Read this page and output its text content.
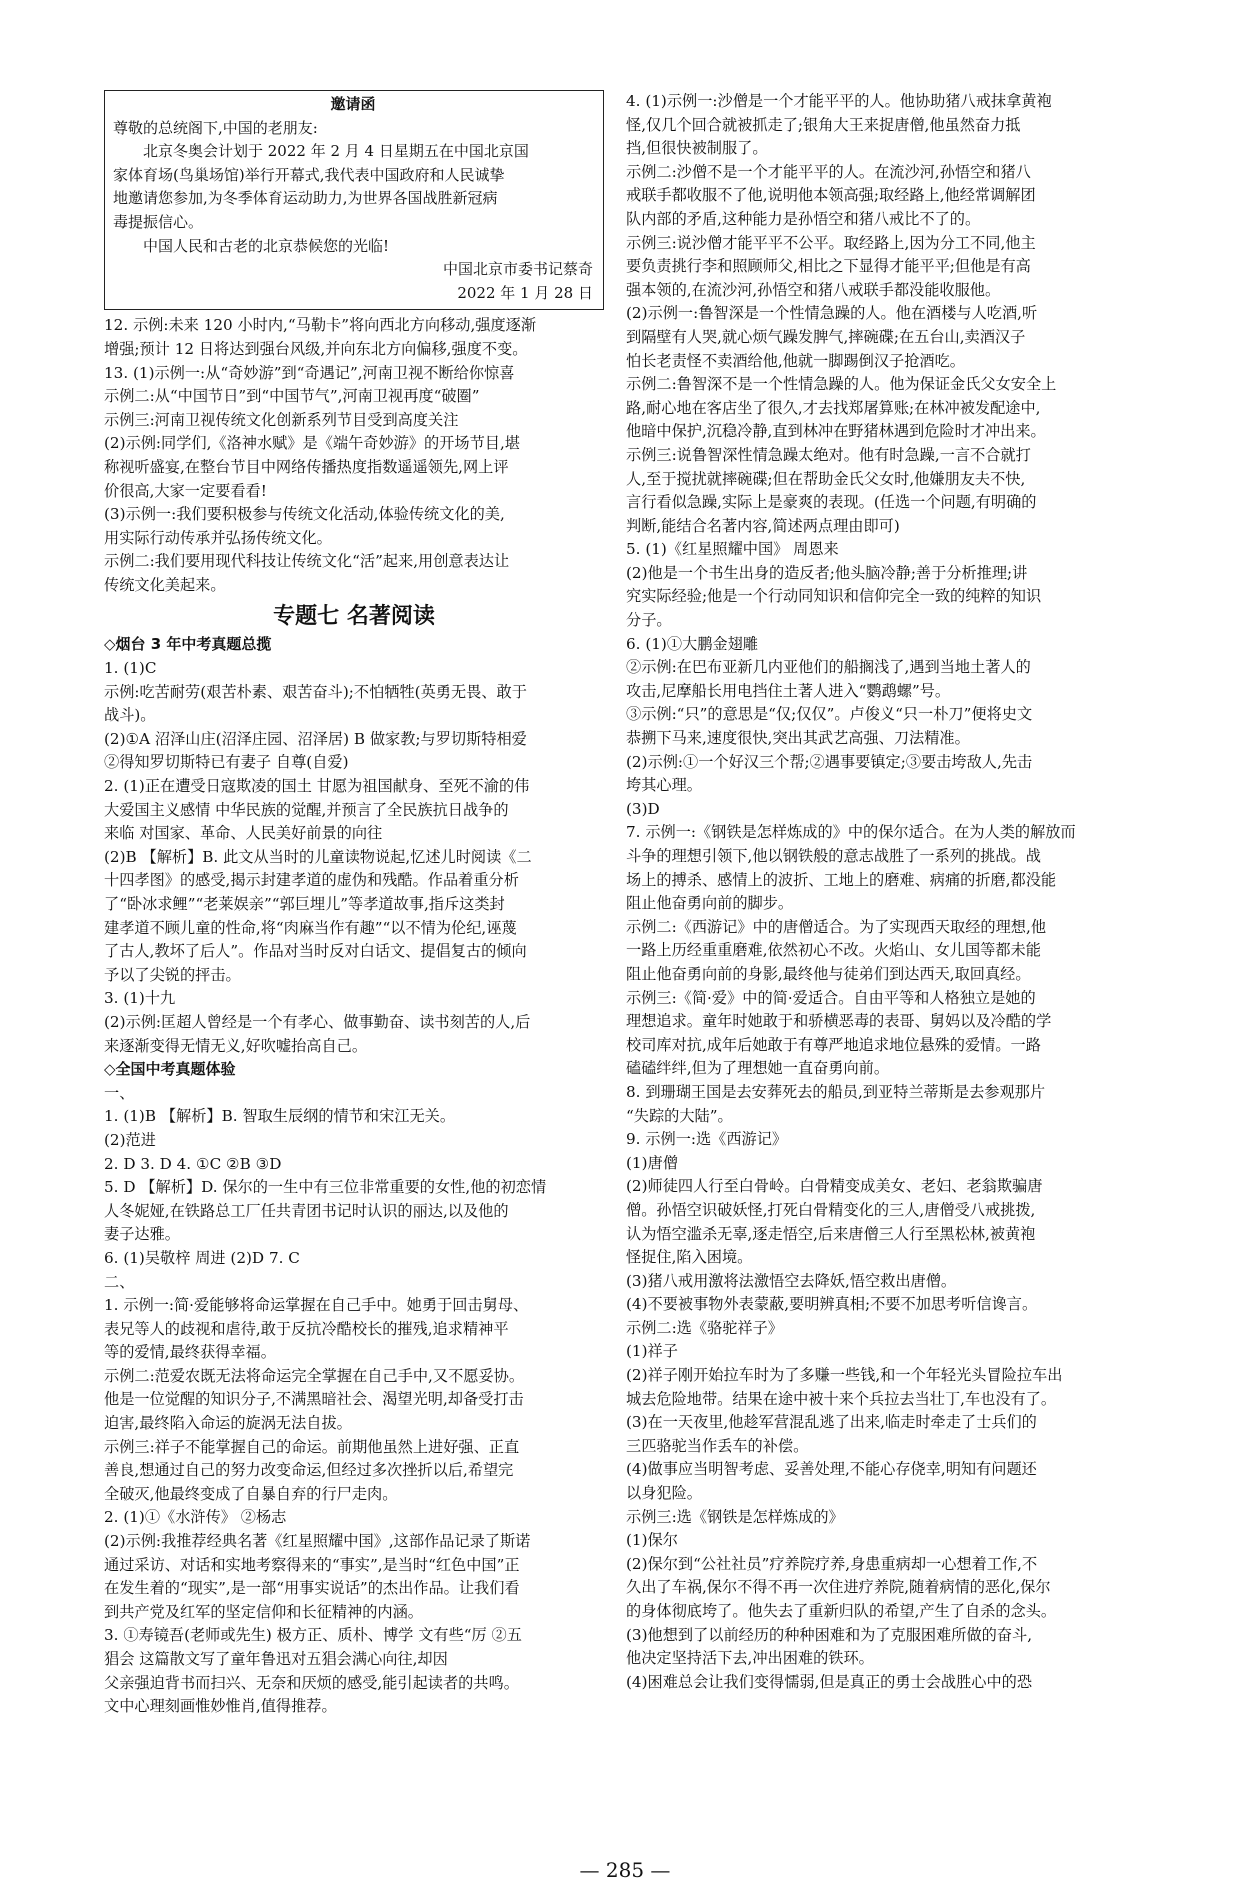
邀请函
尊敬的总统阁下,中国的老朋友:
北京冬奥会计划于 2022 年 2 月 4 日星期五在中国北京国
家体育场(鸟巢场馆)举行开幕式,我代表中国政府和人民诚挚
地邀请您参加,为冬季体育运动助力,为世界各国战胜新冠病
毒提振信心。
中国人民和古老的北京恭候您的光临!
中国北京市委书记蔡奇
2022 年 1 月 28 日
12. 示例:未来 120 小时内,“马勒卡”将向西北方向移动,强度逐渐
增强;预计 12 日将达到强台风级,并向东北方向偏移,强度不变。
13. (1)示例一:从“奇妙游”到“奇遇记”,河南卫视不断给你惊喜
示例二:从“中国节日”到“中国节气”,河南卫视再度“破圈”
示例三:河南卫视传统文化创新系列节目受到高度关注
(2)示例:同学们,《洛神水赋》是《端午奇妙游》的开场节目,堪
称视听盛宴,在整台节目中网络传播热度指数遥遥领先,网上评
价很高,大家一定要看看!
(3)示例一:我们要积极参与传统文化活动,体验传统文化的美,
用实际行动传承并弘扬传统文化。
示例二:我们要用现代科技让传统文化“活”起来,用创意表达让
传统文化美起来。
专题七 名著阅读
◇烟台 3 年中考真题总揽
1. (1)C
示例:吃苦耐劳(艰苦朴素、艰苦奋斗);不怕牺牲(英勇无畏、敢于
战斗)。
(2)①A 沼泽山庄(沼泽庄园、沼泽居) B 做家教;与罗切斯特相爱
②得知罗切斯特已有妻子 自尊(自爱)
2. (1)正在遭受日寇欺凌的国土 甘愿为祖国献身、至死不渝的伟
大爱国主义感情 中华民族的觉醒,并预言了全民族抗日战争的
来临 对国家、革命、人民美好前景的向往
(2)B 【解析】B. 此文从当时的儿童读物说起,忆述儿时阅读《二
十四孝图》的感受,揭示封建孝道的虚伪和残酷。作品着重分析
了“卧冰求鲤”“老莱娱亲”“郭巨埋儿”等孝道故事,指斥这类封
建孝道不顾儿童的性命,将“肉麻当作有趣”“以不情为伦纪,诬蔑
了古人,教坏了后人”。作品对当时反对白话文、提倡复古的倾向
予以了尖锐的抨击。
3. (1)十九
(2)示例:匡超人曾经是一个有孝心、做事勤奋、读书刻苦的人,后
来逐渐变得无情无义,好吹嘘抬高自己。
◇全国中考真题体验
一、
1. (1)B 【解析】B. 智取生辰纲的情节和宋江无关。
(2)范进
2. D 3. D 4. ①C ②B ③D
5. D 【解析】D. 保尔的一生中有三位非常重要的女性,他的初恋情
人冬妮娅,在铁路总工厂任共青团书记时认识的丽达,以及他的
妻子达雅。
6. (1)吴敬梓 周进 (2)D 7. C
二、
1. 示例一:简·爱能够将命运掌握在自己手中。她勇于回击舅母、
表兄等人的歧视和虐待,敢于反抗冷酷校长的摧残,追求精神平
等的爱情,最终获得幸福。
示例二:范爱农既无法将命运完全掌握在自己手中,又不愿妥协。
他是一位觉醒的知识分子,不满黑暗社会、渴望光明,却备受打击
迫害,最终陷入命运的旋涡无法自拔。
示例三:祥子不能掌握自己的命运。前期他虽然上进好强、正直
善良,想通过自己的努力改变命运,但经过多次挫折以后,希望完
全破灭,他最终变成了自暴自弃的行尸走肉。
2. (1)①《水浒传》 ②杨志
(2)示例:我推荐经典名著《红星照耀中国》,这部作品记录了斯诺
通过采访、对话和实地考察得来的“事实”,是当时“红色中国”正
在发生着的“现实”,是一部“用事实说话”的杰出作品。让我们看
到共产党及红军的坚定信仰和长征精神的内涵。
3. ①寿镜吾(老师或先生) 极方正、质朴、博学 文有些“厉 ②五
猖会 这篇散文写了童年鲁迅对五猖会满心向往,却因
父亲强迫背书而扫兴、无奈和厌烦的感受,能引起读者的共鸣。
文中心理刻画惟妙惟肖,值得推荐。
4. (1)示例一:沙僧是一个才能平平的人。他协助猪八戒抹拿黄袍
怪,仅几个回合就被抓走了;银角大王来捉唐僧,他虽然奋力抵
挡,但很快被制服了。
示例二:沙僧不是一个才能平平的人。在流沙河,孙悟空和猪八
戒联手都收服不了他,说明他本领高强;取经路上,他经常调解团
队内部的矛盾,这种能力是孙悟空和猪八戒比不了的。
示例三:说沙僧才能平平不公平。取经路上,因为分工不同,他主
要负责挑行李和照顾师父,相比之下显得才能平平;但他是有高
强本领的,在流沙河,孙悟空和猪八戒联手都没能收服他。
(2)示例一:鲁智深是一个性情急躁的人。他在酒楼与人吃酒,听
到隔壁有人哭,就心烦气躁发脾气,摔碗碟;在五台山,卖酒汉子
怕长老责怪不卖酒给他,他就一脚踢倒汉子抢酒吃。
示例二:鲁智深不是一个性情急躁的人。他为保证金氏父女安全上
路,耐心地在客店坐了很久,才去找郑屠算账;在林冲被发配途中,
他暗中保护,沉稳冷静,直到林冲在野猪林遇到危险时才冲出来。
示例三:说鲁智深性情急躁太绝对。他有时急躁,一言不合就打
人,至于搅扰就摔碗碟;但在帮助金氏父女时,他嫌朋友夫不快,
言行看似急躁,实际上是豪爽的表现。(任选一个问题,有明确的
判断,能结合名著内容,简述两点理由即可)
5. (1)《红星照耀中国》 周恩来
(2)他是一个书生出身的造反者;他头脑冷静;善于分析推理;讲
究实际经验;他是一个行动同知识和信仰完全一致的纯粹的知识
分子。
6. (1)①大鹏金翅雕
②示例:在巴布亚新几内亚他们的船搁浅了,遇到当地土著人的
攻击,尼摩船长用电挡住土著人进入“鹦鹉螺”号。
③示例:“只”的意思是“仅;仅仅”。卢俊义“只一朴刀”便将史文
恭搠下马来,速度很快,突出其武艺高强、刀法精准。
(2)示例:①一个好汉三个帮;②遇事要镇定;③要击垮敌人,先击
垮其心理。
(3)D
7. 示例一:《钢铁是怎样炼成的》中的保尔适合。在为人类的解放而
斗争的理想引领下,他以钢铁般的意志战胜了一系列的挑战。战
场上的搏杀、感情上的波折、工地上的磨难、病痛的折磨,都没能
阻止他奋勇向前的脚步。
示例二:《西游记》中的唐僧适合。为了实现西天取经的理想,他
一路上历经重重磨难,依然初心不改。火焰山、女儿国等都未能
阻止他奋勇向前的身影,最终他与徒弟们到达西天,取回真经。
示例三:《简·爱》中的简·爱适合。自由平等和人格独立是她的
理想追求。童年时她敢于和骄横恶毒的表哥、舅妈以及冷酷的学
校司库对抗,成年后她敢于有尊严地追求地位悬殊的爱情。一路
磕磕绊绊,但为了理想她一直奋勇向前。
8. 到珊瑚王国是去安葬死去的船员,到亚特兰蒂斯是去参观那片
“失踪的大陆”。
9. 示例一:选《西游记》
(1)唐僧
(2)师徒四人行至白骨岭。白骨精变成美女、老妇、老翁欺骗唐
僧。孙悟空识破妖怪,打死白骨精变化的三人,唐僧受八戒挑拨,
认为悟空滥杀无辜,逐走悟空,后来唐僧三人行至黑松林,被黄袍
怪捉住,陷入困境。
(3)猪八戒用激将法激悟空去降妖,悟空救出唐僧。
(4)不要被事物外表蒙蔽,要明辨真相;不要不加思考听信谗言。
示例二:选《骆驼祥子》
(1)祥子
(2)祥子刚开始拉车时为了多赚一些钱,和一个年轻光头冒险拉车出
城去危险地带。结果在途中被十来个兵拉去当壮丁,车也没有了。
(3)在一天夜里,他趁军营混乱逃了出来,临走时牵走了士兵们的
三匹骆驼当作丢车的补偿。
(4)做事应当明智考虑、妥善处理,不能心存侥幸,明知有问题还
以身犯险。
示例三:选《钢铁是怎样炼成的》
(1)保尔
(2)保尔到“公社社员”疗养院疗养,身患重病却一心想着工作,不
久出了车祸,保尔不得不再一次住进疗养院,随着病情的恶化,保尔
的身体彻底垮了。他失去了重新归队的希望,产生了自杀的念头。
(3)他想到了以前经历的种种困难和为了克服困难所做的奋斗,
他决定坚持活下去,冲出困难的铁环。
(4)困难总会让我们变得懦弱,但是真正的勇士会战胜心中的恐
— 285 —
